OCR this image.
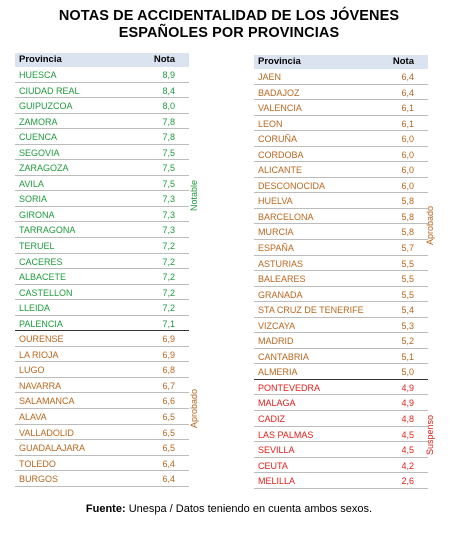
NOTAS DE ACCIDENTALIDAD DE LOS JÓVENES
ESPAÑOLES POR PROVINCIAS
Provincia	Nota
HUESCA	8,9
CIUDAD REAL	8,4
GUIPUZCOA	8,0
ZAMORA	7,8
CUENCA	7,8
SEGOVIA	7,5
ZARAGOZA	7,5
AVILA	7,5
SORIA	7,3
GIRONA	7,3
TARRAGONA	7,3
TERUEL	7,2
CACERES	7,2
ALBACETE	7,2
CASTELLON	7,2
LLEIDA	7,2
PALENCIA	7,1
OURENSE	6,9
LA RIOJA	6,9
LUGO	6,8
NAVARRA	6,7
SALAMANCA	6,6
ALAVA	6,5
VALLADOLID	6,5
GUADALAJARA	6,5
TOLEDO	6,4
BURGOS	6,4
Provincia	Nota
JAEN	6,4
BADAJOZ	6,4
VALENCIA	6,1
LEON	6,1
CORUÑA	6,0
CORDOBA	6,0
ALICANTE	6,0
DESCONOCIDA	6,0
HUELVA	5,8
BARCELONA	5,8
MURCIA	5,8
ESPAÑA	5,7
ASTURIAS	5,5
BALEARES	5,5
GRANADA	5,5
STA CRUZ DE TENERIFE	5,4
VIZCAYA	5,3
MADRID	5,2
CANTABRIA	5,1
ALMERIA	5,0
PONTEVEDRA	4,9
MALAGA	4,9
CADIZ	4,8
LAS PALMAS	4,5
SEVILLA	4,5
CEUTA	4,2
MELILLA	2,6
Notable
Aprobado
Aprobado
Suspenso
Fuente: Unespa / Datos teniendo en cuenta ambos sexos.
